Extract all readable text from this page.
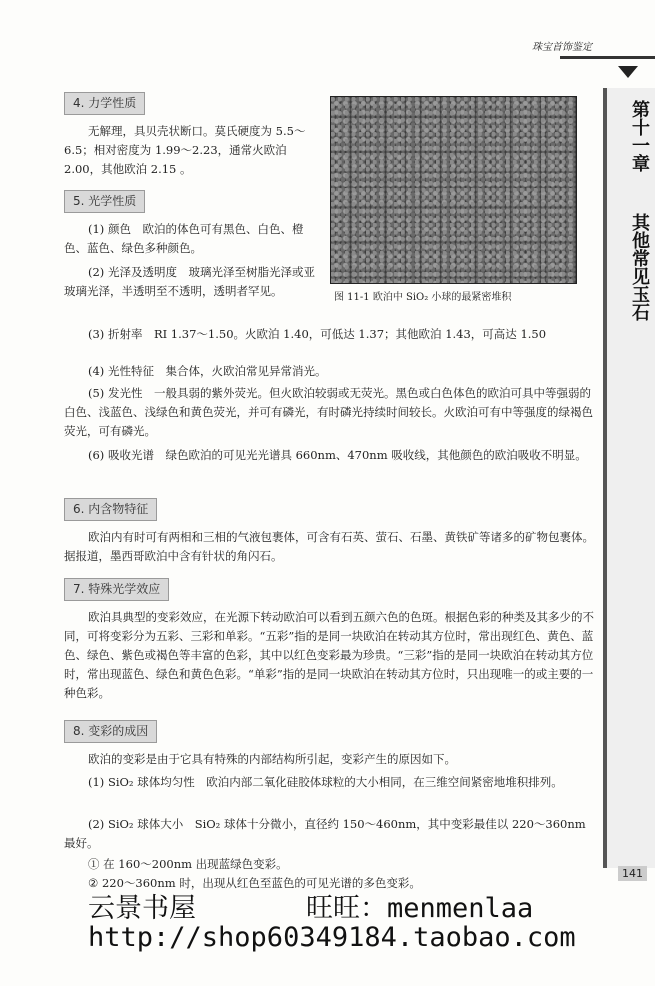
珠宝首饰鉴定
第十一章 其他常见玉石
图 11-1 欧泊中 SiO₂ 小球的最紧密堆积
4. 力学性质

无解理，具贝壳状断口。莫氏硬度为 5.5～6.5；相对密度为 1.99～2.23，通常火欧泊 2.00，其他欧泊 2.15 。

5. 光学性质

(1) 颜色　欧泊的体色可有黑色、白色、橙色、蓝色、绿色多种颜色。

(2) 光泽及透明度　玻璃光泽至树脂光泽或亚玻璃光泽，半透明至不透明，透明者罕见。

(3) 折射率　RI 1.37～1.50。火欧泊 1.40，可低达 1.37；其他欧泊 1.43，可高达 1.50

(4) 光性特征　集合体，火欧泊常见异常消光。

(5) 发光性　一般具弱的紫外荧光。但火欧泊较弱或无荧光。黑色或白色体色的欧泊可具中等强弱的白色、浅蓝色、浅绿色和黄色荧光，并可有磷光，有时磷光持续时间较长。火欧泊可有中等强度的绿褐色荧光，可有磷光。

(6) 吸收光谱　绿色欧泊的可见光光谱具 660nm、470nm 吸收线，其他颜色的欧泊吸收不明显。

6. 内含物特征

欧泊内有时可有两相和三相的气液包裹体，可含有石英、萤石、石墨、黄铁矿等诸多的矿物包裹体。据报道，墨西哥欧泊中含有针状的角闪石。

7. 特殊光学效应

欧泊具典型的变彩效应，在光源下转动欧泊可以看到五颜六色的色斑。根据色彩的种类及其多少的不同，可将变彩分为五彩、三彩和单彩。“五彩”指的是同一块欧泊在转动其方位时，常出现红色、黄色、蓝色、绿色、紫色或褐色等丰富的色彩，其中以红色变彩最为珍贵。“三彩”指的是同一块欧泊在转动其方位时，常出现蓝色、绿色和黄色色彩。“单彩”指的是同一块欧泊在转动其方位时，只出现唯一的或主要的一种色彩。

8. 变彩的成因

欧泊的变彩是由于它具有特殊的内部结构所引起，变彩产生的原因如下。

(1) SiO₂ 球体均匀性　欧泊内部二氧化硅胶体球粒的大小相同，在三维空间紧密地堆积排列。

(2) SiO₂ 球体大小　SiO₂ 球体十分微小，直径约 150～460nm，其中变彩最佳以 220～360nm 最好。

① 在 160～200nm 出现蓝绿色变彩。

② 220～360nm 时，出现从红色至蓝色的可见光谱的多色变彩。

141
云景书屋	旺旺：menmenlaa
http://shop60349184.taobao.com
